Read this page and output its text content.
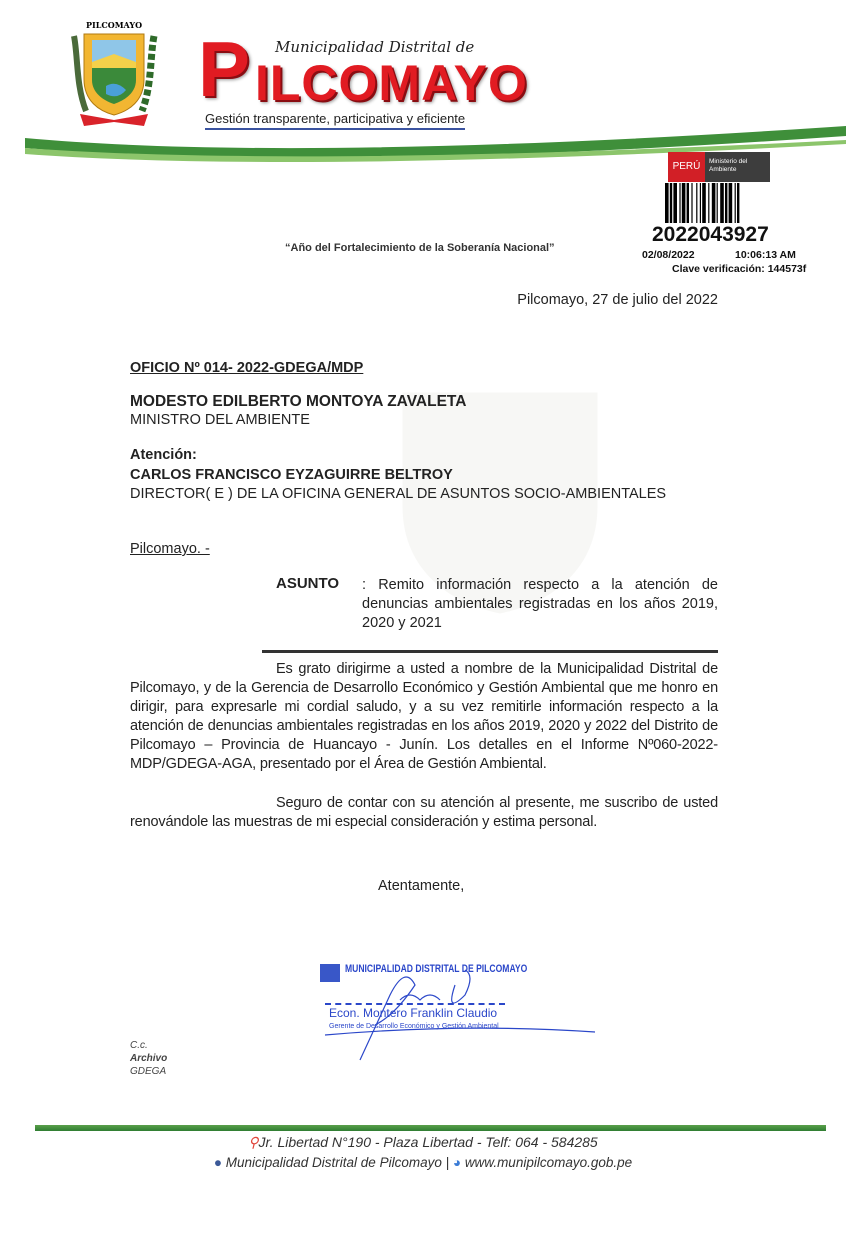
PILCOMAYO
Municipalidad Distrital de
P ILCOMAYO
Gestión transparente, participativa y eficiente
PERÚ	Ministerio del Ambiente
2022043927
02/08/2022	10:06:13 AM
Clave verificación: 144573f
“Año del Fortalecimiento de la Soberanía Nacional”
Pilcomayo, 27 de julio del 2022
OFICIO Nº 014- 2022-GDEGA/MDP
MODESTO EDILBERTO MONTOYA ZAVALETA
MINISTRO DEL AMBIENTE
Atención:
CARLOS FRANCISCO EYZAGUIRRE BELTROY
DIRECTOR( E ) DE LA OFICINA GENERAL DE ASUNTOS SOCIO-AMBIENTALES
Pilcomayo. -
ASUNTO : Remito información respecto a la atención de denuncias ambientales registradas en los años 2019, 2020 y 2021
Es grato dirigirme a usted a nombre de la Municipalidad Distrital de Pilcomayo, y de la Gerencia de Desarrollo Económico y Gestión Ambiental que me honro en dirigir, para expresarle mi cordial saludo, y a su vez remitirle información respecto a la atención de denuncias ambientales registradas en los años 2019, 2020 y 2022 del Distrito de Pilcomayo – Provincia de Huancayo - Junín. Los detalles en el Informe Nº060-2022-MDP/GDEGA-AGA, presentado por el Área de Gestión Ambiental.
Seguro de contar con su atención al presente, me suscribo de usted renovándole las muestras de mi especial consideración y estima personal.
Atentamente,
MUNICIPALIDAD DISTRITAL DE PILCOMAYO
Econ. Montero Franklin Claudio
Gerente de Desarrollo Económico y Gestión Ambiental
C.c.
Archivo
GDEGA
⚲Jr. Libertad N°190 - Plaza Libertad - Telf: 064 - 584285
● Municipalidad Distrital de Pilcomayo | ◕ www.munipilcomayo.gob.pe
